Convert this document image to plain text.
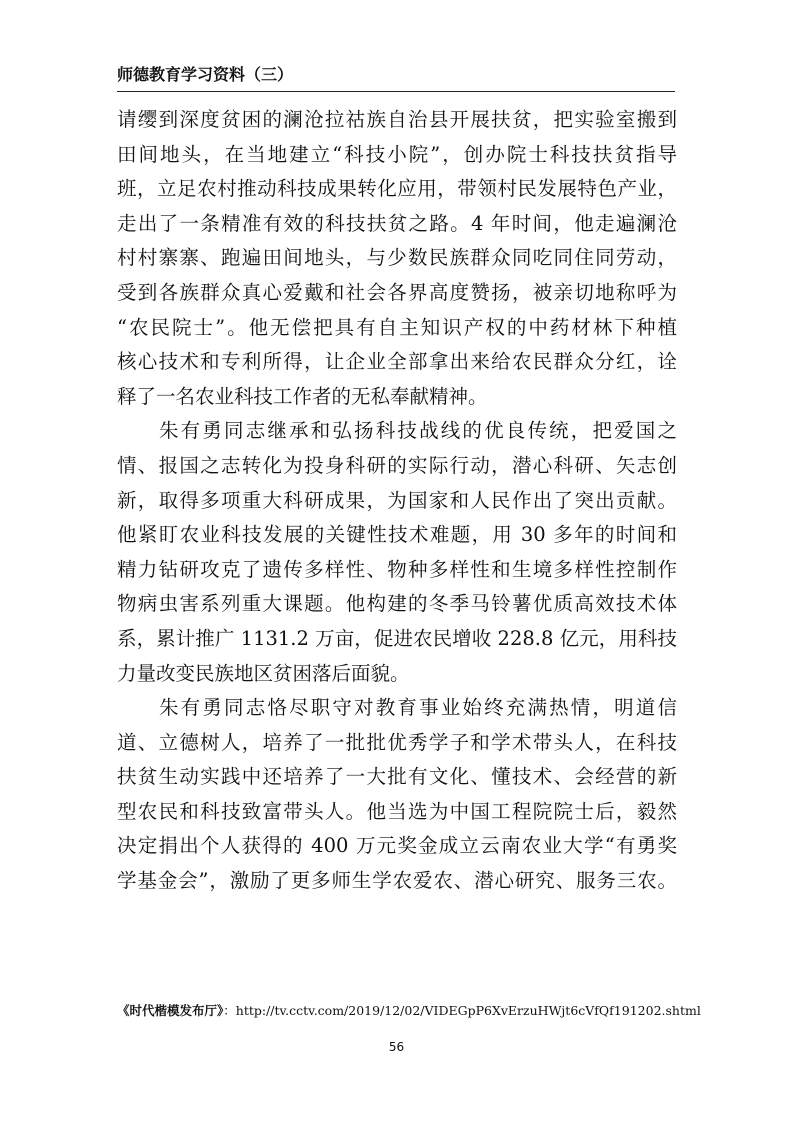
师德教育学习资料（三）
请缨到深度贫困的澜沧拉祜族自治县开展扶贫，把实验室搬到
田间地头，在当地建立“科技小院”，创办院士科技扶贫指导
班，立足农村推动科技成果转化应用，带领村民发展特色产业，
走出了一条精准有效的科技扶贫之路。4 年时间，他走遍澜沧
村村寨寨、跑遍田间地头，与少数民族群众同吃同住同劳动，
受到各族群众真心爱戴和社会各界高度赞扬，被亲切地称呼为
“农民院士”。他无偿把具有自主知识产权的中药材林下种植
核心技术和专利所得，让企业全部拿出来给农民群众分红，诠
释了一名农业科技工作者的无私奉献精神。
朱有勇同志继承和弘扬科技战线的优良传统，把爱国之
情、报国之志转化为投身科研的实际行动，潜心科研、矢志创
新，取得多项重大科研成果，为国家和人民作出了突出贡献。
他紧盯农业科技发展的关键性技术难题，用 30 多年的时间和
精力钻研攻克了遗传多样性、物种多样性和生境多样性控制作
物病虫害系列重大课题。他构建的冬季马铃薯优质高效技术体
系，累计推广 1131.2 万亩，促进农民增收 228.8 亿元，用科技
力量改变民族地区贫困落后面貌。
朱有勇同志恪尽职守对教育事业始终充满热情，明道信
道、立德树人，培养了一批批优秀学子和学术带头人，在科技
扶贫生动实践中还培养了一大批有文化、懂技术、会经营的新
型农民和科技致富带头人。他当选为中国工程院院士后，毅然
决定捐出个人获得的 400 万元奖金成立云南农业大学“有勇奖
学基金会”，激励了更多师生学农爱农、潜心研究、服务三农。
《时代楷模发布厅》：http://tv.cctv.com/2019/12/02/VIDEGpP6XvErzuHWjt6cVfQf191202.shtml
56
